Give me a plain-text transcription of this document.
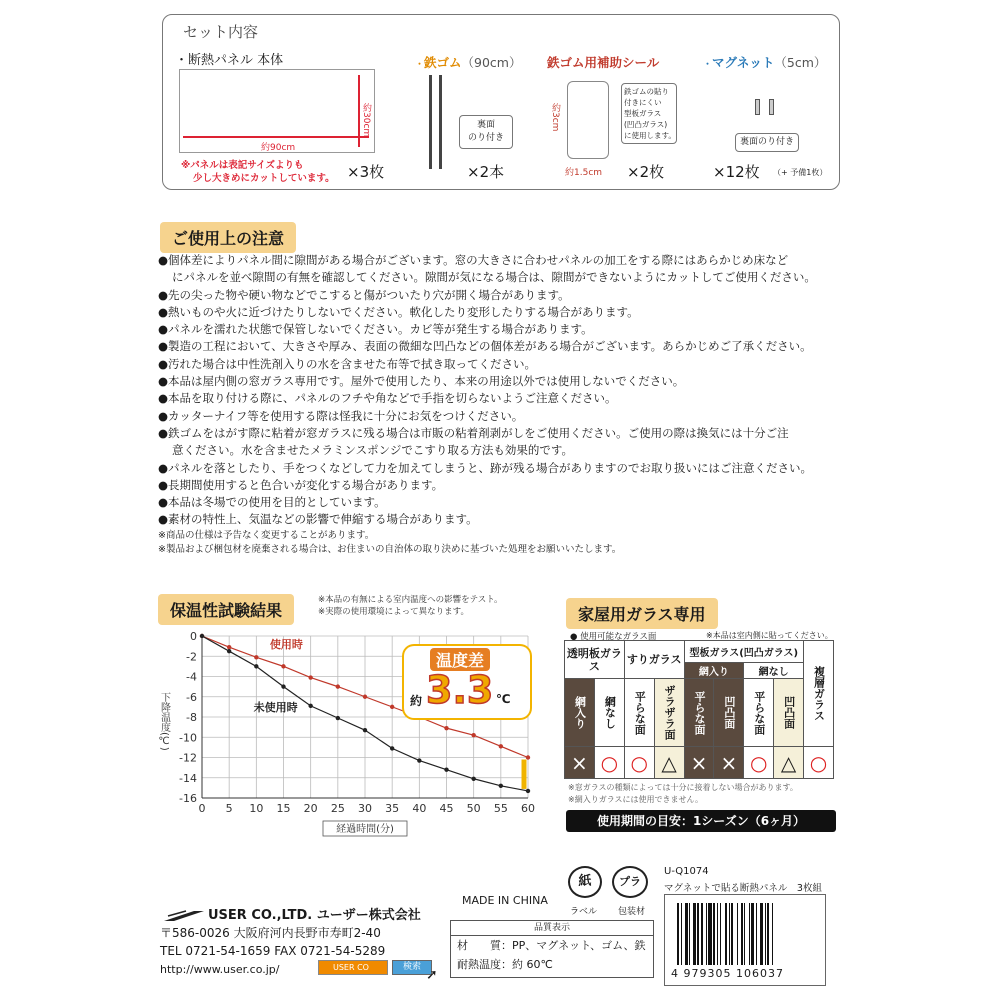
セット内容
・断熱パネル 本体
約90cm
約30cm
※パネルは表記サイズよりも
少し大きめにカットしています。 ×3枚
・鉄ゴム（90cm）
裏面
のり付き
×2本
鉄ゴム用補助シール
約3cm
約1.5cm
鉄ゴムの貼り
付きにくい
型板ガラス
(凹凸ガラス)
に使用します。
×2枚
・マグネット（5cm）
裏面のり付き
×12枚 （+ 予備1枚）
ご使用上の注意
●個体差によりパネル間に隙間がある場合がございます。窓の大きさに合わせパネルの加工をする際にはあらかじめ床など
にパネルを並べ隙間の有無を確認してください。隙間が気になる場合は、隙間ができないようにカットしてご使用ください。
●先の尖った物や硬い物などでこすると傷がついたり穴が開く場合があります。
●熱いものや火に近づけたりしないでください。軟化したり変形したりする場合があります。
●パネルを濡れた状態で保管しないでください。カビ等が発生する場合があります。
●製造の工程において、大きさや厚み、表面の微細な凹凸などの個体差がある場合がございます。あらかじめご了承ください。
●汚れた場合は中性洗剤入りの水を含ませた布等で拭き取ってください。
●本品は屋内側の窓ガラス専用です。屋外で使用したり、本来の用途以外では使用しないでください。
●本品を取り付ける際に、パネルのフチや角などで手指を切らないようご注意ください。
●カッターナイフ等を使用する際は怪我に十分にお気をつけください。
●鉄ゴムをはがす際に粘着が窓ガラスに残る場合は市販の粘着剤剥がしをご使用ください。ご使用の際は換気には十分ご注
意ください。水を含ませたメラミンスポンジでこすり取る方法も効果的です。
●パネルを落としたり、手をつくなどして力を加えてしまうと、跡が残る場合がありますのでお取り扱いにはご注意ください。
●長期間使用すると色合いが変化する場合があります。
●本品は冬場での使用を目的としています。
●素材の特性上、気温などの影響で伸縮する場合があります。
※商品の仕様は予告なく変更することがあります。
※製品および梱包材を廃棄される場合は、お住まいの自治体の取り決めに基づいた処理をお願いいたします。
保温性試験結果
※本品の有無による室内温度への影響をテスト。
※実際の使用環境によって異なります。
0 5 10 15 20 25 30 35 40 45 50 55 60
0
-2
-4
-6
-8
-10
-12
-14
-16
経過時間(分)
下降温度(℃)
使用時
未使用時
温度差
約 3.3 ℃
家屋用ガラス専用
● 使用可能なガラス面	※本品は室内側に貼ってください。
透明板ガラス		すりガラス		型板ガラス(凹凸ガラス)				複層ガラス

				網入り		網なし		

網入り	網なし	平らな面	ザラザラ面	平らな面	凹凸面	平らな面	凹凸面	

×	○	○	△	×	×	○	△	○
※窓ガラスの種類によっては十分に接着しない場合があります。
※網入りガラスには使用できません。
使用期間の目安：1シーズン（6ヶ月）
USER CO.,LTD. ユーザー株式会社
〒586-0026 大阪府河内長野市寿町2-40
TEL 0721-54-1659 FAX 0721-54-5289
http://www.user.co.jp/	USER CO	検索 ➚
MADE IN CHINA
紙
ラベル
プラ
包装材
品質表示
材　　質：PP、マグネット、ゴム、鉄
耐熱温度：約 60℃
U-Q1074
マグネットで貼る断熱パネル　3枚組
4 979305 106037
